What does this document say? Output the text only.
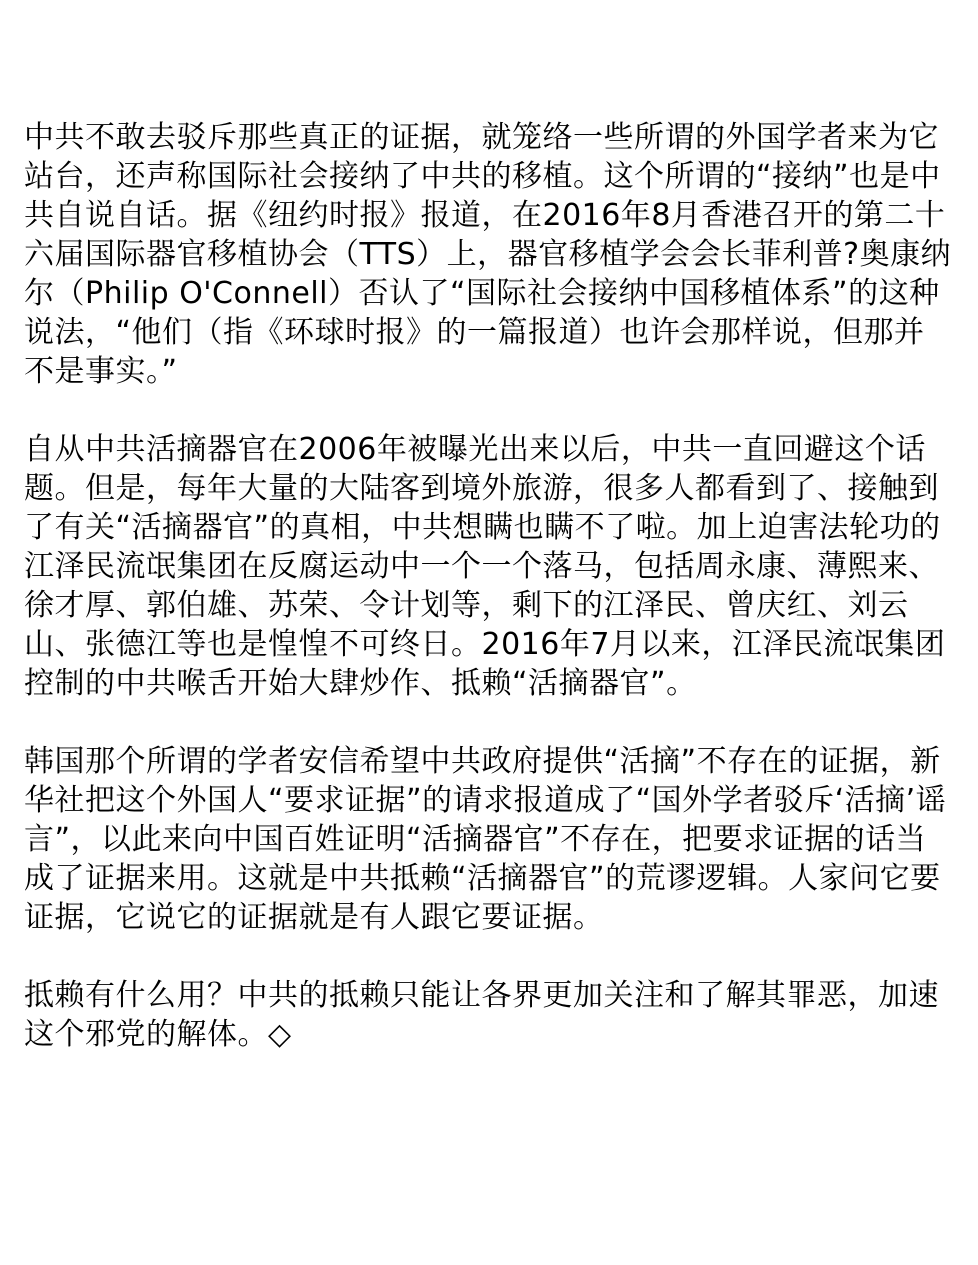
中共不敢去驳斥那些真正的证据，就笼络一些所谓的外国学者来为它站台，还声称国际社会接纳了中共的移植。这个所谓的“接纳”也是中共自说自话。据《纽约时报》报道，在2016年8月香港召开的第二十六届国际器官移植协会（TTS）上，器官移植学会会长菲利普?奥康纳尔（Philip O'Connell）否认了“国际社会接纳中国移植体系”的这种说法，“他们（指《环球时报》的一篇报道）也许会那样说，但那并不是事实。”

自从中共活摘器官在2006年被曝光出来以后，中共一直回避这个话题。但是，每年大量的大陆客到境外旅游，很多人都看到了、接触到了有关“活摘器官”的真相，中共想瞒也瞒不了啦。加上迫害法轮功的江泽民流氓集团在反腐运动中一个一个落马，包括周永康、薄熙来、徐才厚、郭伯雄、苏荣、令计划等，剩下的江泽民、曾庆红、刘云山、张德江等也是惶惶不可终日。2016年7月以来，江泽民流氓集团控制的中共喉舌开始大肆炒作、抵赖“活摘器官”。

韩国那个所谓的学者安信希望中共政府提供“活摘”不存在的证据，新华社把这个外国人“要求证据”的请求报道成了“国外学者驳斥‘活摘’谣言”，以此来向中国百姓证明“活摘器官”不存在，把要求证据的话当成了证据来用。这就是中共抵赖“活摘器官”的荒谬逻辑。人家问它要证据，它说它的证据就是有人跟它要证据。

抵赖有什么用？中共的抵赖只能让各界更加关注和了解其罪恶，加速这个邪党的解体。◇
